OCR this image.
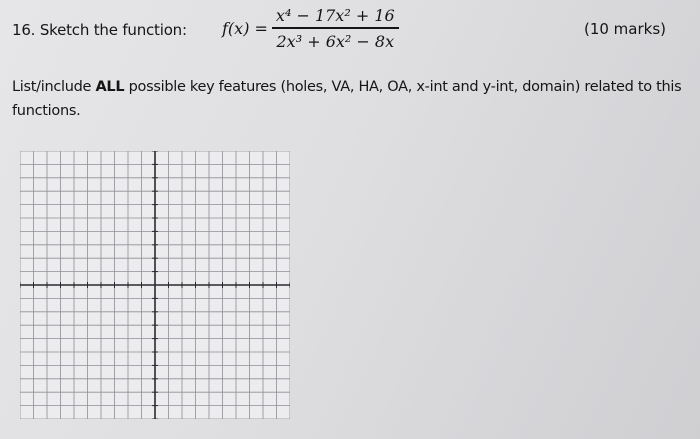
16. Sketch the function: $f(x) = \frac{\text{x⁴ − 17x² + 16}}{\text{2x³ + 6x² − 8x}}$	(10 marks)
List/include ALL possible key features (holes, VA, HA, OA, x-int and y-int, domain) related to this functions.
